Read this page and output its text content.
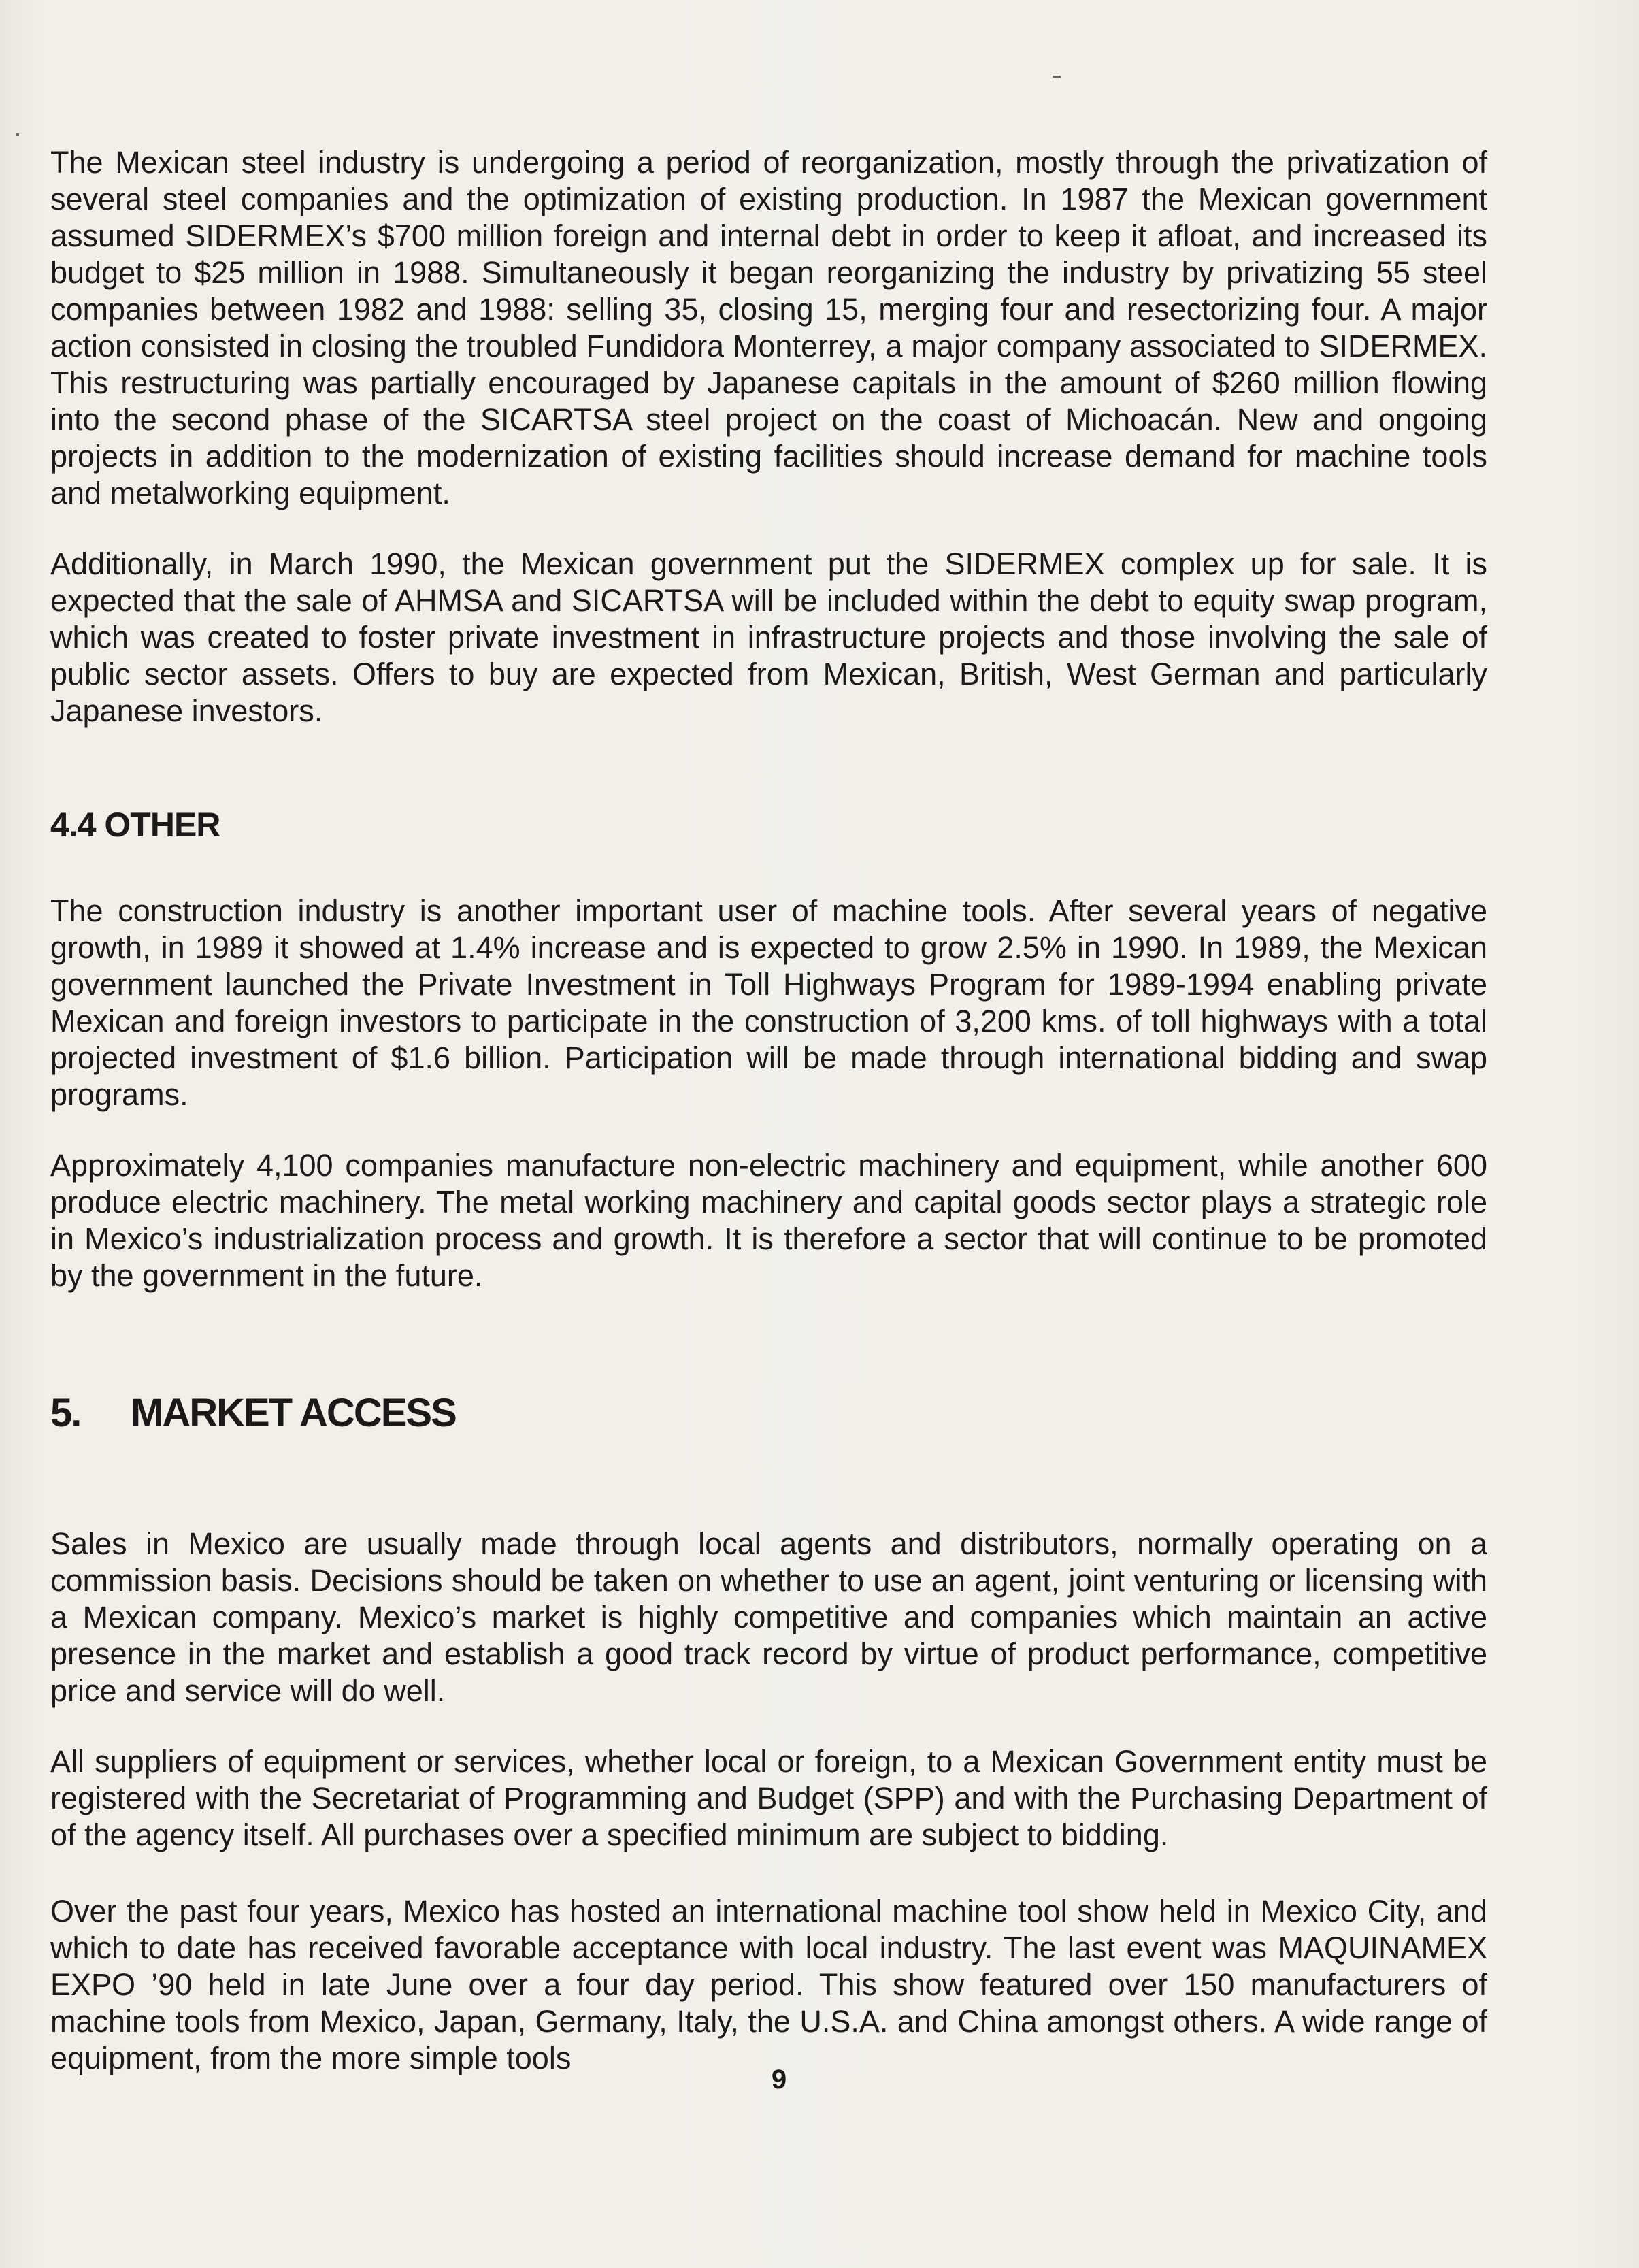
The Mexican steel industry is undergoing a period of reorganization, mostly through the privatization of several steel companies and the optimization of existing production. In 1987 the Mexican government assumed SIDERMEX’s $700 million foreign and internal debt in order to keep it afloat, and increased its budget to $25 million in 1988. Simultaneously it began reorganizing the industry by privatizing 55 steel companies between 1982 and 1988: selling 35, closing 15, merging four and resectorizing four. A major action consisted in closing the troubled Fundidora Monterrey, a major company associated to SIDERMEX. This restructuring was partially encouraged by Japanese capitals in the amount of $260 million flowing into the second phase of the SICARTSA steel project on the coast of Michoacán. New and ongoing projects in addition to the modernization of existing facilities should increase demand for machine tools and metalworking equipment.

Additionally, in March 1990, the Mexican government put the SIDERMEX complex up for sale. It is expected that the sale of AHMSA and SICARTSA will be included within the debt to equity swap program, which was created to foster private investment in infrastructure projects and those involving the sale of public sector assets. Offers to buy are expected from Mexican, British, West German and particularly Japanese investors.

4.4 OTHER

The construction industry is another important user of machine tools. After several years of negative growth, in 1989 it showed at 1.4% increase and is expected to grow 2.5% in 1990. In 1989, the Mexican government launched the Private Investment in Toll Highways Program for 1989-1994 enabling private Mexican and foreign investors to participate in the construction of 3,200 kms. of toll highways with a total projected investment of $1.6 billion. Participation will be made through international bidding and swap programs.

Approximately 4,100 companies manufacture non-electric machinery and equipment, while another 600 produce electric machinery. The metal working machinery and capital goods sector plays a strategic role in Mexico’s industrialization process and growth. It is therefore a sector that will continue to be promoted by the government in the future.

5. MARKET ACCESS

Sales in Mexico are usually made through local agents and distributors, normally operating on a commission basis. Decisions should be taken on whether to use an agent, joint venturing or licensing with a Mexican company. Mexico’s market is highly competitive and companies which maintain an active presence in the market and establish a good track record by virtue of product performance, competitive price and service will do well.

All suppliers of equipment or services, whether local or foreign, to a Mexican Government entity must be registered with the Secretariat of Programming and Budget (SPP) and with the Purchasing Department of of the agency itself. All purchases over a specified minimum are subject to bidding.

Over the past four years, Mexico has hosted an international machine tool show held in Mexico City, and which to date has received favorable acceptance with local industry. The last event was MAQUINAMEX EXPO ’90 held in late June over a four day period. This show featured over 150 manufacturers of machine tools from Mexico, Japan, Germany, Italy, the U.S.A. and China amongst others. A wide range of equipment, from the more simple tools

9
